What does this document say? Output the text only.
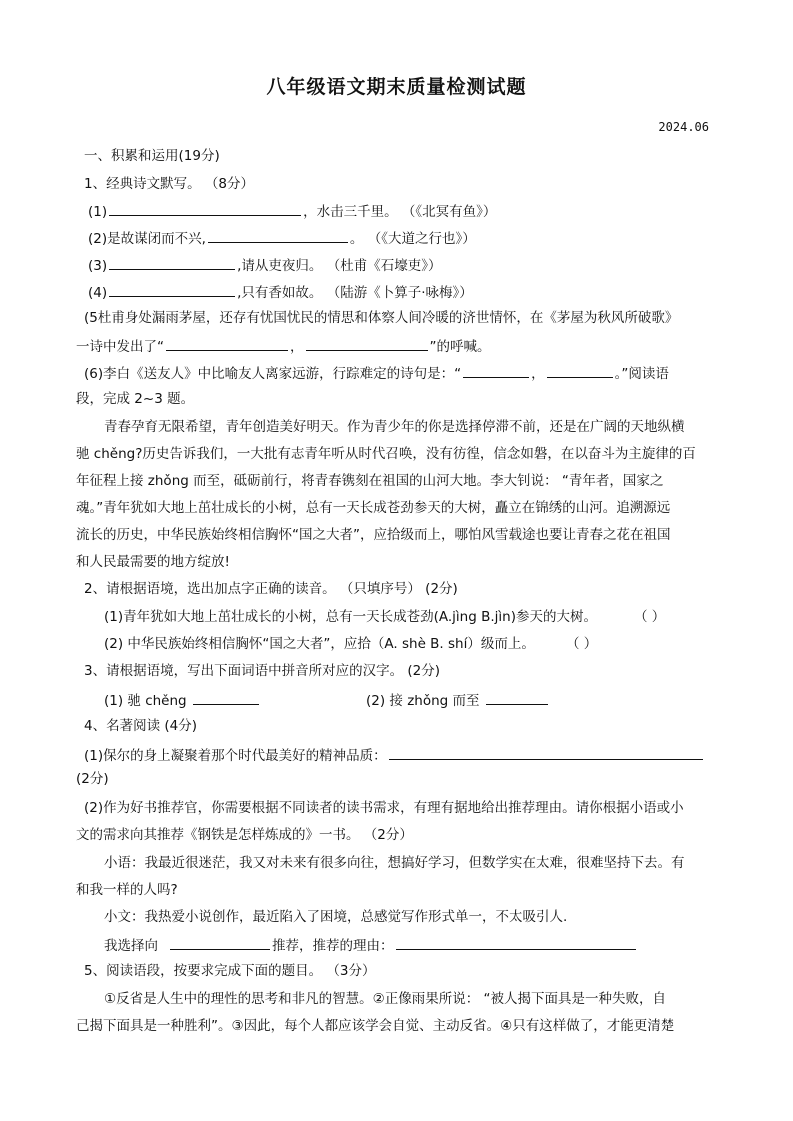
八年级语文期末质量检测试题
2024.06
一、积累和运用(19分)
1、经典诗文默写。 （8分）
(1)	，水击三千里。 （《北冥有鱼》）
(2)是故谋闭而不兴,	。 （《大道之行也》）
(3)	,请从吏夜归。 （杜甫《石壕吏》）
(4)	,只有香如故。 （陆游《卜算子·咏梅》）
(5杜甫身处漏雨茅屋，还存有忧国忧民的情思和体察人间冷暖的济世情怀，在《茅屋为秋风所破歌》
一诗中发出了“	，	”的呼喊。
(6)李白《送友人》中比喻友人离家远游，行踪难定的诗句是：“	，	。”阅读语
段，完成 2~3 题。
青春孕育无限希望，青年创造美好明天。作为青少年的你是选择停滞不前，还是在广阔的天地纵横
驰 chěng?历史告诉我们，一大批有志青年听从时代召唤，没有彷徨，信念如磐，在以奋斗为主旋律的百
年征程上接 zhǒng 而至，砥砺前行，将青春镌刻在祖国的山河大地。李大钊说： “青年者，国家之
魂。”青年犹如大地上茁壮成长的小树，总有一天长成苍劲参天的大树，矗立在锦绣的山河。追溯源远
流长的历史，中华民族始终相信胸怀“国之大者”，应拾级而上，哪怕风雪载途也要让青春之花在祖国
和人民最需要的地方绽放!
2、请根据语境，选出加点字正确的读音。 （只填序号） (2分)
(1)青年犹如大地上茁壮成长的小树，总有一天长成苍劲(A.jìng B.jìn)参天的大树。	（ ）
(2) 中华民族始终相信胸怀“国之大者”，应拾（A. shè B. shí）级而上。 （ ）
3、请根据语境，写出下面词语中拼音所对应的汉字。 (2分)
(1) 驰 chěng	(2) 接 zhǒng 而至
4、名著阅读 (4分)
(1)保尔的身上凝聚着那个时代最美好的精神品质：
(2分)
(2)作为好书推荐官，你需要根据不同读者的读书需求，有理有据地给出推荐理由。请你根据小语或小
文的需求向其推荐《钢铁是怎样炼成的》一书。 （2分）
小语：我最近很迷茫，我又对未来有很多向往，想搞好学习，但数学实在太难，很难坚持下去。有
和我一样的人吗?
小文：我热爱小说创作，最近陷入了困境，总感觉写作形式单一，不太吸引人.
我选择向	推荐，推荐的理由：
5、阅读语段，按要求完成下面的题目。 （3分）
①反省是人生中的理性的思考和非凡的智慧。②正像雨果所说： “被人揭下面具是一种失败，自
己揭下面具是一种胜利”。③因此，每个人都应该学会自觉、主动反省。④只有这样做了，才能更清楚
